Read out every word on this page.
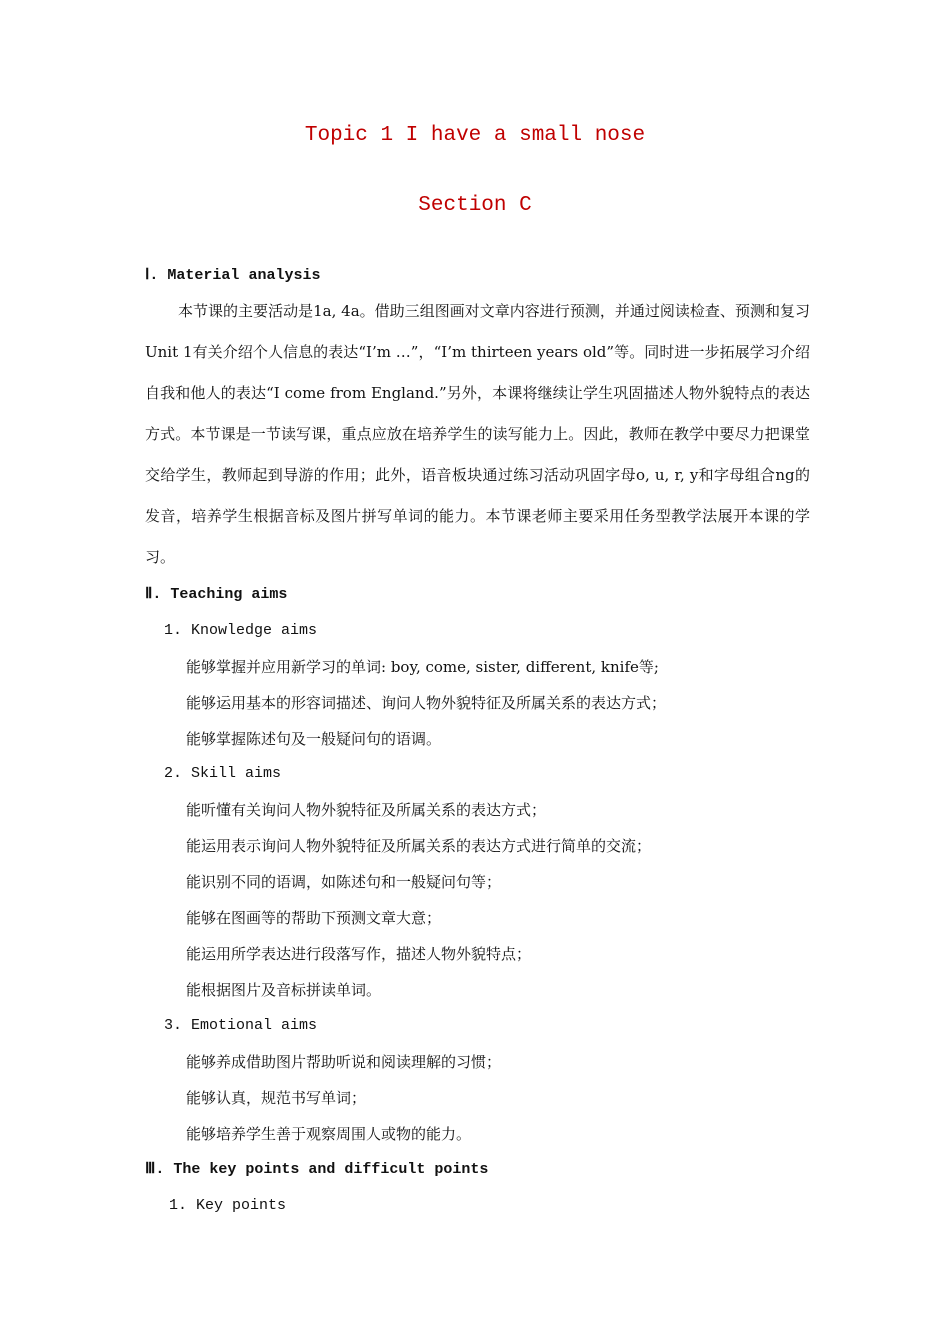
Topic 1 I have a small nose
Section C
Ⅰ. Material analysis
本节课的主要活动是1a, 4a。借助三组图画对文章内容进行预测，并通过阅读检查、预测和复习Unit 1有关介绍个人信息的表达“I’m …”，“I’m thirteen years old”等。同时进一步拓展学习介绍自我和他人的表达“I come from England.”另外，本课将继续让学生巩固描述人物外貌特点的表达方式。本节课是一节读写课，重点应放在培养学生的读写能力上。因此，教师在教学中要尽力把课堂交给学生，教师起到导游的作用；此外，语音板块通过练习活动巩固字母o, u, r, y和字母组合ng的发音，培养学生根据音标及图片拼写单词的能力。本节课老师主要采用任务型教学法展开本课的学习。
Ⅱ. Teaching aims
1. Knowledge aims
能够掌握并应用新学习的单词: boy, come, sister, different, knife等;
能够运用基本的形容词描述、询问人物外貌特征及所属关系的表达方式；
能够掌握陈述句及一般疑问句的语调。
2. Skill aims
能听懂有关询问人物外貌特征及所属关系的表达方式；
能运用表示询问人物外貌特征及所属关系的表达方式进行简单的交流；
能识别不同的语调，如陈述句和一般疑问句等；
能够在图画等的帮助下预测文章大意；
能运用所学表达进行段落写作，描述人物外貌特点；
能根据图片及音标拼读单词。
3. Emotional aims
能够养成借助图片帮助听说和阅读理解的习惯；
能够认真，规范书写单词；
能够培养学生善于观察周围人或物的能力。
Ⅲ. The key points and difficult points
1. Key points
